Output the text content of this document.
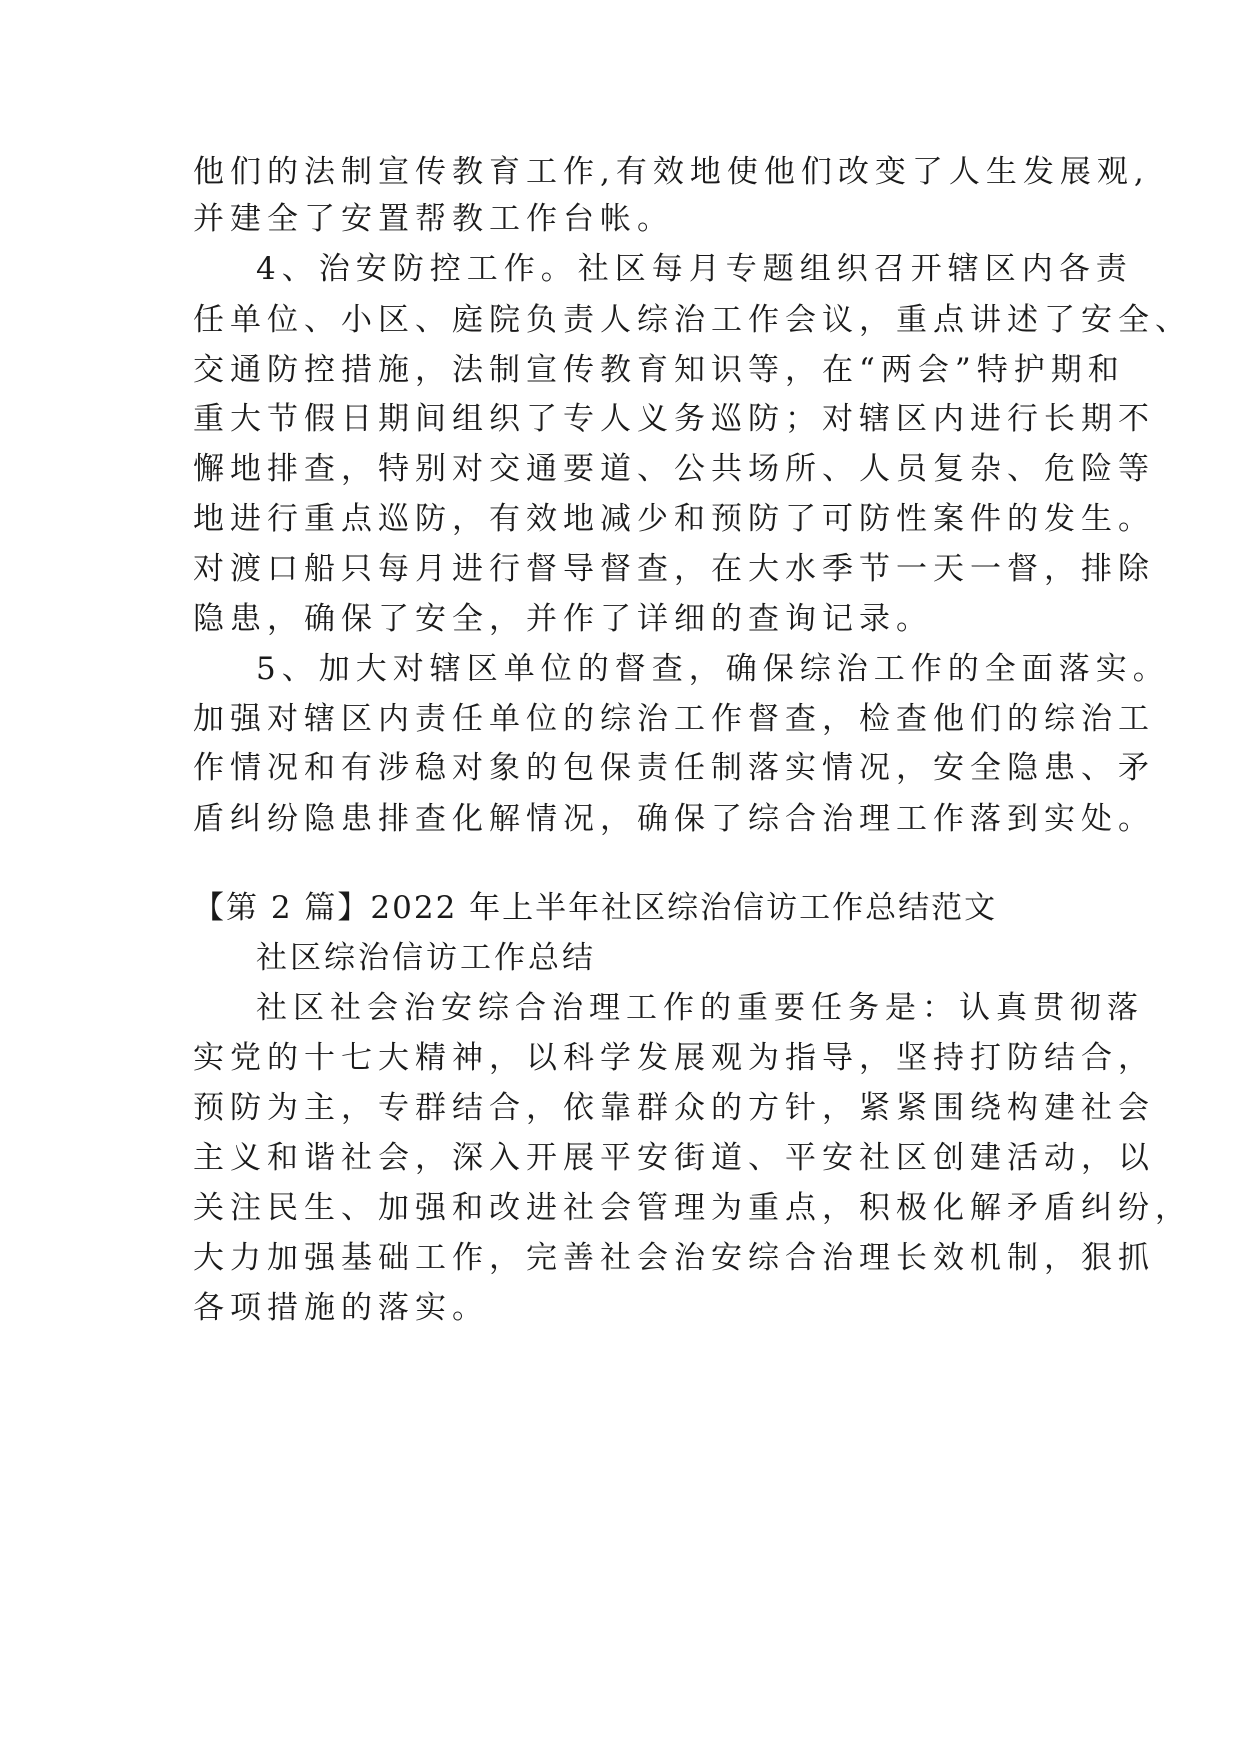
他们的法制宣传教育工作,有效地使他们改变了人生发展观,
并建全了安置帮教工作台帐。
4、治安防控工作。社区每月专题组织召开辖区内各责
任单位、小区、庭院负责人综治工作会议，重点讲述了安全、
交通防控措施，法制宣传教育知识等，在“两会”特护期和
重大节假日期间组织了专人义务巡防；对辖区内进行长期不
懈地排查，特别对交通要道、公共场所、人员复杂、危险等
地进行重点巡防，有效地减少和预防了可防性案件的发生。
对渡口船只每月进行督导督查，在大水季节一天一督，排除
隐患，确保了安全，并作了详细的查询记录。
5、加大对辖区单位的督查，确保综治工作的全面落实。
加强对辖区内责任单位的综治工作督查，检查他们的综治工
作情况和有涉稳对象的包保责任制落实情况，安全隐患、矛
盾纠纷隐患排查化解情况，确保了综合治理工作落到实处。
【第 2 篇】2022 年上半年社区综治信访工作总结范文
社区综治信访工作总结
社区社会治安综合治理工作的重要任务是：认真贯彻落
实党的十七大精神，以科学发展观为指导，坚持打防结合，
预防为主，专群结合，依靠群众的方针，紧紧围绕构建社会
主义和谐社会，深入开展平安街道、平安社区创建活动，以
关注民生、加强和改进社会管理为重点，积极化解矛盾纠纷，
大力加强基础工作，完善社会治安综合治理长效机制，狠抓
各项措施的落实。
